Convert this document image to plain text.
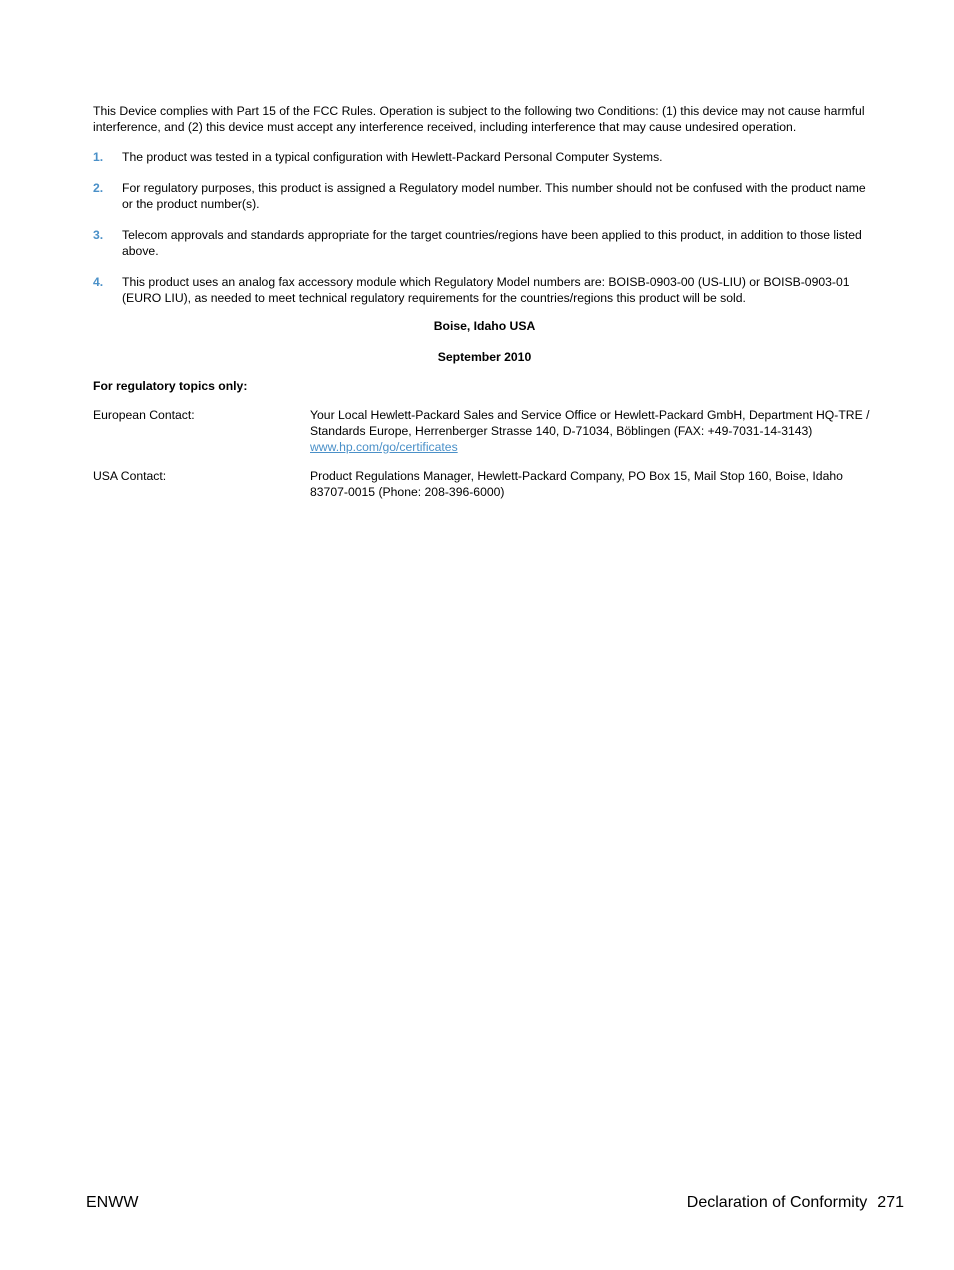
This Device complies with Part 15 of the FCC Rules. Operation is subject to the following two Conditions: (1) this device may not cause harmful interference, and (2) this device must accept any interference received, including interference that may cause undesired operation.

1.	The product was tested in a typical configuration with Hewlett-Packard Personal Computer Systems.
2.	For regulatory purposes, this product is assigned a Regulatory model number. This number should not be confused with the product name or the product number(s).
3.	Telecom approvals and standards appropriate for the target countries/regions have been applied to this product, in addition to those listed above.
4.	This product uses an analog fax accessory module which Regulatory Model numbers are: BOISB-0903-00 (US-LIU) or BOISB-0903-01 (EURO LIU), as needed to meet technical regulatory requirements for the countries/regions this product will be sold.

Boise, Idaho USA

September 2010

For regulatory topics only:

European Contact:	Your Local Hewlett-Packard Sales and Service Office or Hewlett-Packard GmbH, Department HQ-TRE / Standards Europe, Herrenberger Strasse 140, D-71034, Böblingen (FAX: +49-7031-14-3143)
www.hp.com/go/certificates
USA Contact:	Product Regulations Manager, Hewlett-Packard Company, PO Box 15, Mail Stop 160, Boise, Idaho 83707-0015 (Phone: 208-396-6000)
ENWW	Declaration of Conformity 271
